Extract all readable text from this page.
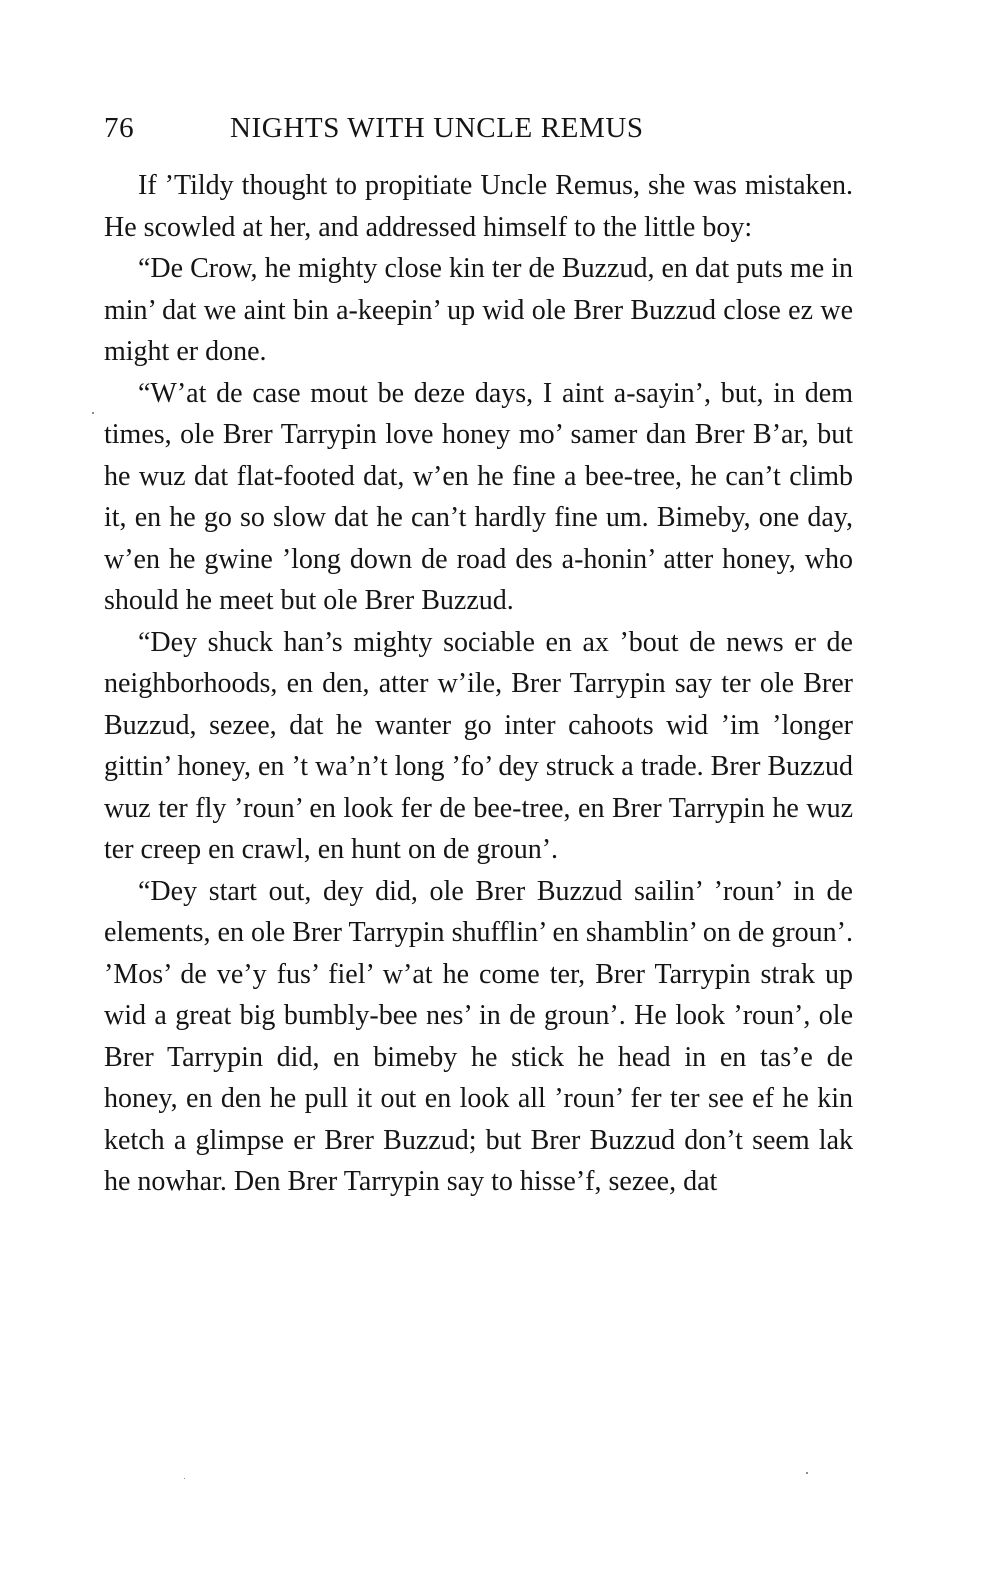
76	NIGHTS WITH UNCLE REMUS

If ’Tildy thought to propitiate Uncle Remus, she was mistaken. He scowled at her, and addressed himself to the little boy:

“De Crow, he mighty close kin ter de Buzzud, en dat puts me in min’ dat we aint bin a-keepin’ up wid ole Brer Buzzud close ez we might er done.

“W’at de case mout be deze days, I aint a-sayin’, but, in dem times, ole Brer Tarrypin love honey mo’ samer dan Brer B’ar, but he wuz dat flat-footed dat, w’en he fine a bee-tree, he can’t climb it, en he go so slow dat he can’t hardly fine um. Bimeby, one day, w’en he gwine ’long down de road des a-honin’ atter honey, who should he meet but ole Brer Buzzud.

“Dey shuck han’s mighty sociable en ax ’bout de news er de neighborhoods, en den, atter w’ile, Brer Tarrypin say ter ole Brer Buzzud, sezee, dat he wanter go inter cahoots wid ’im ’longer gittin’ honey, en ’t wa’n’t long ’fo’ dey struck a trade. Brer Buzzud wuz ter fly ’roun’ en look fer de bee-tree, en Brer Tarrypin he wuz ter creep en crawl, en hunt on de groun’.

“Dey start out, dey did, ole Brer Buzzud sailin’ ’roun’ in de elements, en ole Brer Tarrypin shufflin’ en shamblin’ on de groun’. ’Mos’ de ve’y fus’ fiel’ w’at he come ter, Brer Tarrypin strak up wid a great big bumbly-bee nes’ in de groun’. He look ’roun’, ole Brer Tarrypin did, en bimeby he stick he head in en tas’e de honey, en den he pull it out en look all ’roun’ fer ter see ef he kin ketch a glimpse er Brer Buzzud; but Brer Buzzud don’t seem lak he nowhar. Den Brer Tarrypin say to hisse’f, sezee, dat
